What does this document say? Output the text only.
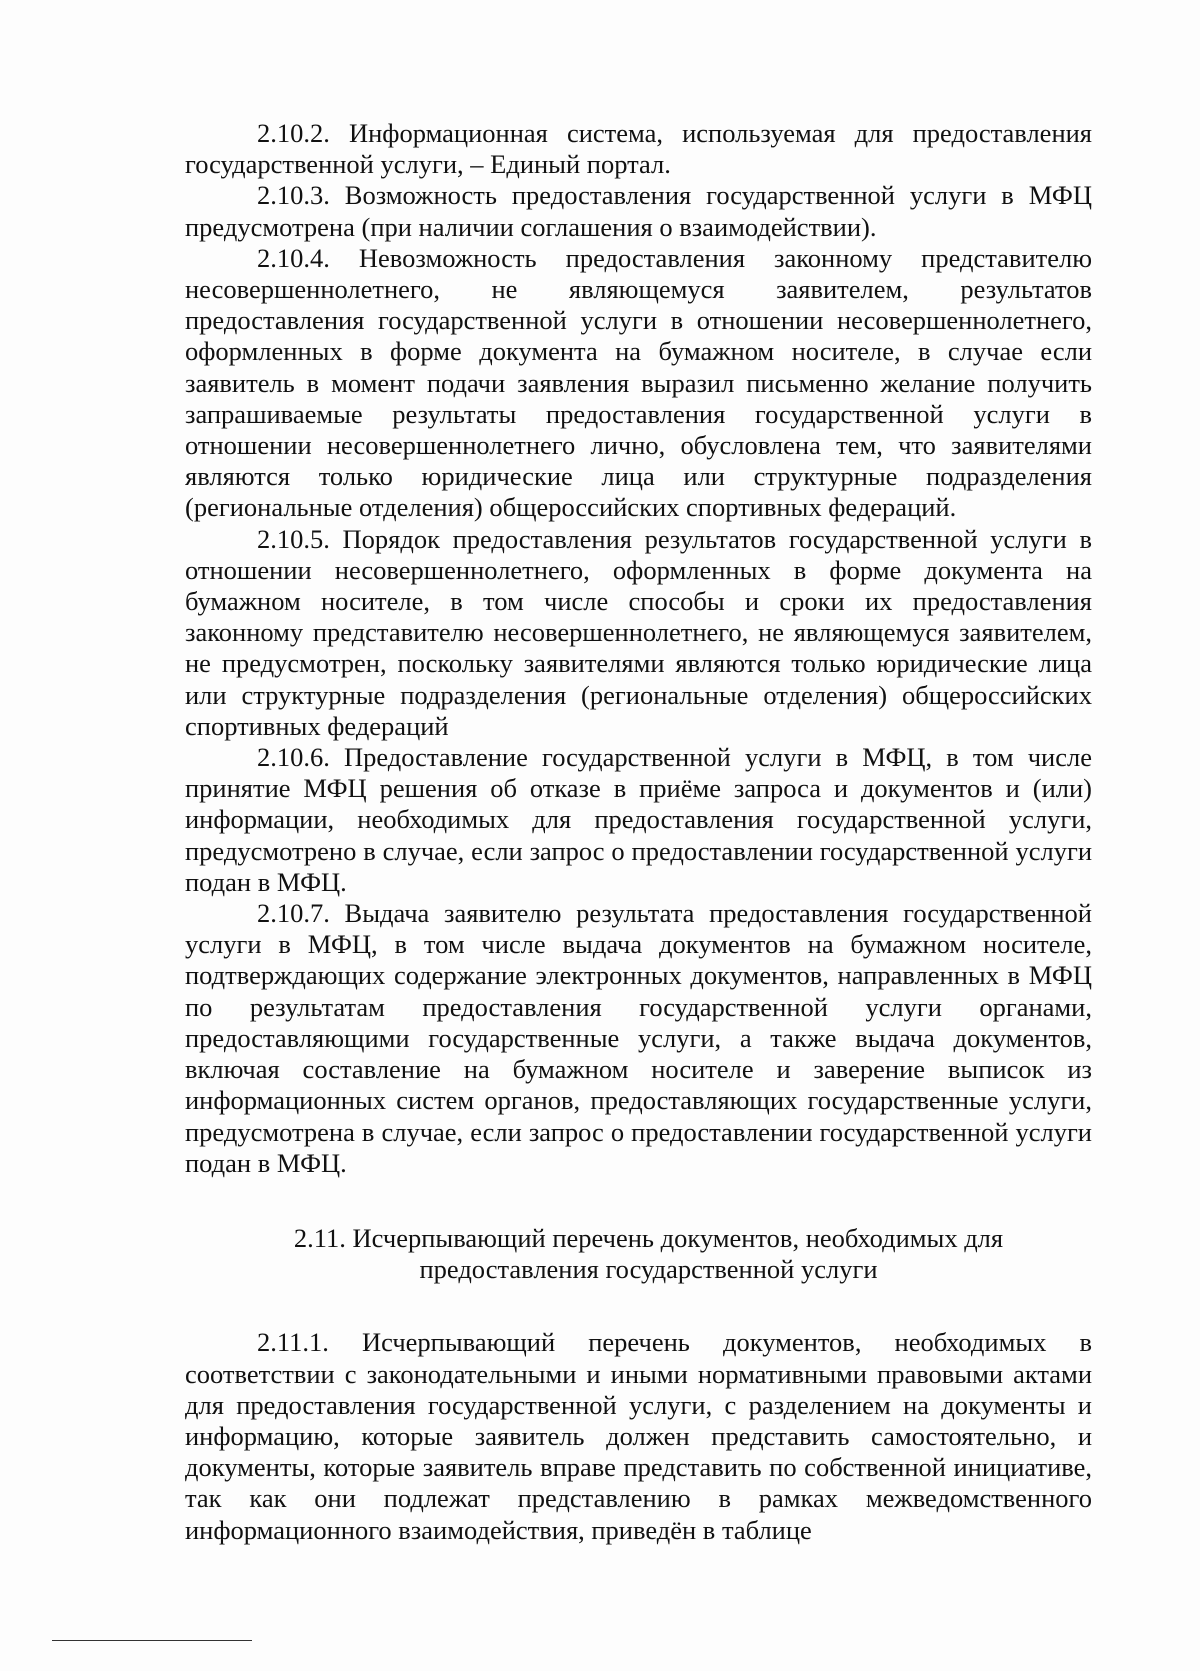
2.10.2. Информационная система, используемая для предоставления государственной услуги, – Единый портал.

2.10.3. Возможность предоставления государственной услуги в МФЦ предусмотрена (при наличии соглашения о взаимодействии).

2.10.4. Невозможность предоставления законному представителю несовершеннолетнего, не являющемуся заявителем, результатов предоставления государственной услуги в отношении несовершеннолетнего, оформленных в форме документа на бумажном носителе, в случае если заявитель в момент подачи заявления выразил письменно желание получить запрашиваемые результаты предоставления государственной услуги в отношении несовершеннолетнего лично, обусловлена тем, что заявителями являются только юридические лица или структурные подразделения (региональные отделения) общероссийских спортивных федераций.

2.10.5. Порядок предоставления результатов государственной услуги в отношении несовершеннолетнего, оформленных в форме документа на бумажном носителе, в том числе способы и сроки их предоставления законному представителю несовершеннолетнего, не являющемуся заявителем, не предусмотрен, поскольку заявителями являются только юридические лица или структурные подразделения (региональные отделения) общероссийских спортивных федераций

2.10.6. Предоставление государственной услуги в МФЦ, в том числе принятие МФЦ решения об отказе в приёме запроса и документов и (или) информации, необходимых для предоставления государственной услуги, предусмотрено в случае, если запрос о предоставлении государственной услуги подан в МФЦ.

2.10.7. Выдача заявителю результата предоставления государственной услуги в МФЦ, в том числе выдача документов на бумажном носителе, подтверждающих содержание электронных документов, направленных в МФЦ по результатам предоставления государственной услуги органами, предоставляющими государственные услуги, а также выдача документов, включая составление на бумажном носителе и заверение выписок из информационных систем органов, предоставляющих государственные услуги, предусмотрена в случае, если запрос о предоставлении государственной услуги подан в МФЦ.

2.11. Исчерпывающий перечень документов, необходимых для предоставления государственной услуги

2.11.1. Исчерпывающий перечень документов, необходимых в соответствии с законодательными и иными нормативными правовыми актами для предоставления государственной услуги, с разделением на документы и информацию, которые заявитель должен представить самостоятельно, и документы, которые заявитель вправе представить по собственной инициативе, так как они подлежат представлению в рамках межведомственного информационного взаимодействия, приведён в таблице
